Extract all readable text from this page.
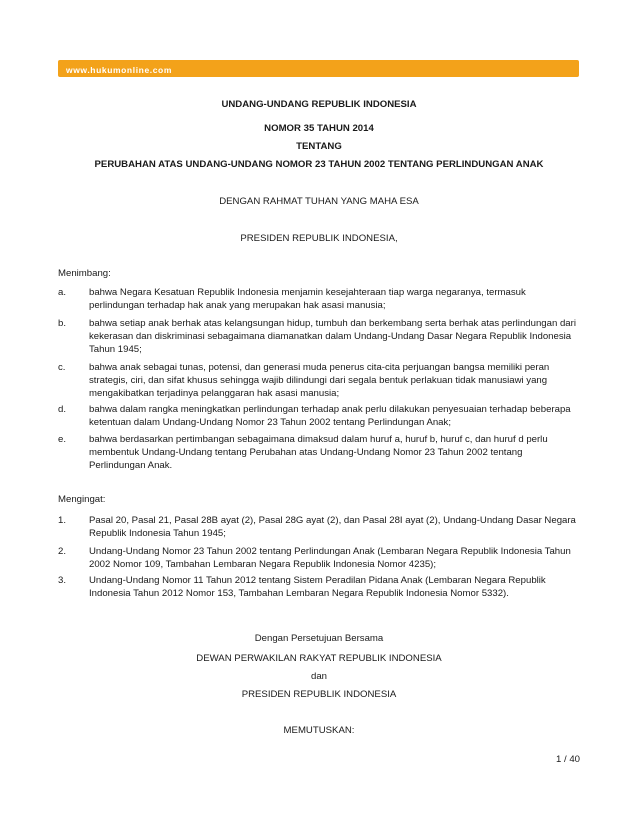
www.hukumonline.com
UNDANG-UNDANG REPUBLIK INDONESIA
NOMOR 35 TAHUN 2014
TENTANG
PERUBAHAN ATAS UNDANG-UNDANG NOMOR 23 TAHUN 2002 TENTANG PERLINDUNGAN ANAK
DENGAN RAHMAT TUHAN YANG MAHA ESA
PRESIDEN REPUBLIK INDONESIA,
Menimbang:
a. bahwa Negara Kesatuan Republik Indonesia menjamin kesejahteraan tiap warga negaranya, termasuk perlindungan terhadap hak anak yang merupakan hak asasi manusia;
b. bahwa setiap anak berhak atas kelangsungan hidup, tumbuh dan berkembang serta berhak atas perlindungan dari kekerasan dan diskriminasi sebagaimana diamanatkan dalam Undang-Undang Dasar Negara Republik Indonesia Tahun 1945;
c. bahwa anak sebagai tunas, potensi, dan generasi muda penerus cita-cita perjuangan bangsa memiliki peran strategis, ciri, dan sifat khusus sehingga wajib dilindungi dari segala bentuk perlakuan tidak manusiawi yang mengakibatkan terjadinya pelanggaran hak asasi manusia;
d. bahwa dalam rangka meningkatkan perlindungan terhadap anak perlu dilakukan penyesuaian terhadap beberapa ketentuan dalam Undang-Undang Nomor 23 Tahun 2002 tentang Perlindungan Anak;
e. bahwa berdasarkan pertimbangan sebagaimana dimaksud dalam huruf a, huruf b, huruf c, dan huruf d perlu membentuk Undang-Undang tentang Perubahan atas Undang-Undang Nomor 23 Tahun 2002 tentang Perlindungan Anak.
Mengingat:
1. Pasal 20, Pasal 21, Pasal 28B ayat (2), Pasal 28G ayat (2), dan Pasal 28I ayat (2), Undang-Undang Dasar Negara Republik Indonesia Tahun 1945;
2. Undang-Undang Nomor 23 Tahun 2002 tentang Perlindungan Anak (Lembaran Negara Republik Indonesia Tahun 2002 Nomor 109, Tambahan Lembaran Negara Republik Indonesia Nomor 4235);
3. Undang-Undang Nomor 11 Tahun 2012 tentang Sistem Peradilan Pidana Anak (Lembaran Negara Republik Indonesia Tahun 2012 Nomor 153, Tambahan Lembaran Negara Republik Indonesia Nomor 5332).
Dengan Persetujuan Bersama
DEWAN PERWAKILAN RAKYAT REPUBLIK INDONESIA
dan
PRESIDEN REPUBLIK INDONESIA
MEMUTUSKAN:
1 / 40
